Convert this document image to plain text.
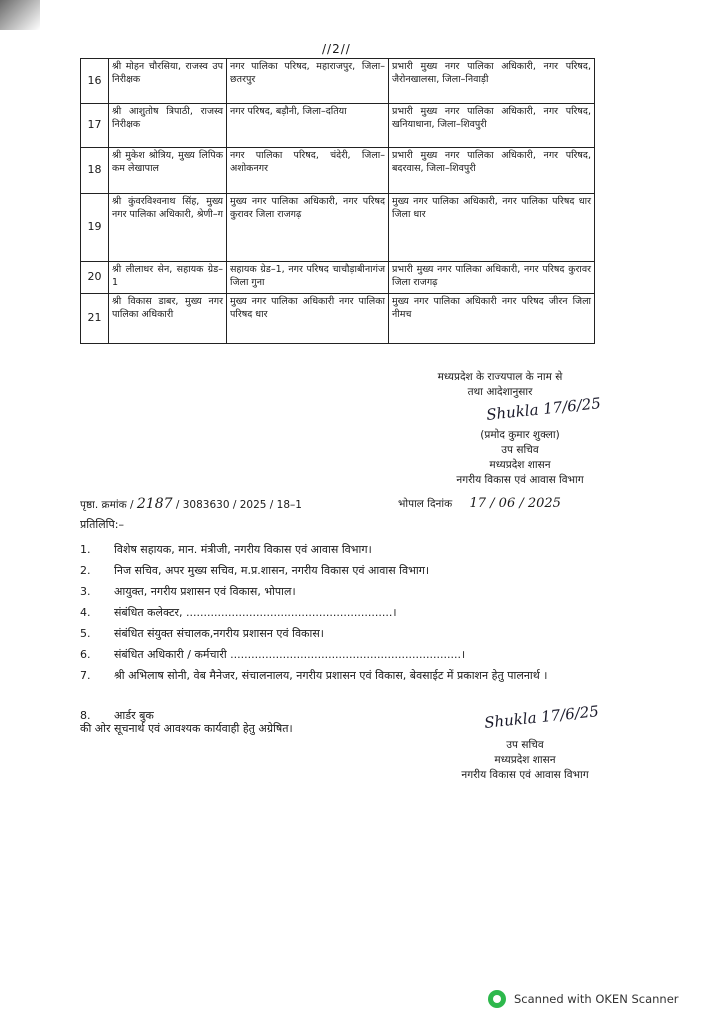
//2//
16	श्री मोहन चौरसिया, राजस्व उप निरीक्षक	नगर पालिका परिषद, महाराजपुर, जिला–छतरपुर	प्रभारी मुख्य नगर पालिका अधिकारी, नगर परिषद, जैरोनखालसा, जिला–निवाड़ी
17	श्री आशुतोष त्रिपाठी, राजस्व निरीक्षक	नगर परिषद, बड़ौनी, जिला–दतिया	प्रभारी मुख्य नगर पालिका अधिकारी, नगर परिषद, खनियाधाना, जिला–शिवपुरी
18	श्री मुकेश श्रोत्रिय, मुख्य लिपिक कम लेखापाल	नगर पालिका परिषद, चंदेरी, जिला–अशोकनगर	प्रभारी मुख्य नगर पालिका अधिकारी, नगर परिषद, बदरवास, जिला–शिवपुरी
19	श्री कुंवरविश्वनाथ सिंह, मुख्य नगर पालिका अधिकारी, श्रेणी–ग	मुख्य नगर पालिका अधिकारी, नगर परिषद कुरावर जिला राजगढ़	मुख्य नगर पालिका अधिकारी, नगर पालिका परिषद धार जिला धार
20	श्री लीलाधर सेन, सहायक ग्रेड–1	सहायक ग्रेड–1, नगर परिषद चाचौड़ाबीनागंज जिला गुना	प्रभारी मुख्य नगर पालिका अधिकारी, नगर परिषद कुरावर जिला राजगढ़
21	श्री विकास डाबर, मुख्य नगर पालिका अधिकारी	मुख्य नगर पालिका अधिकारी नगर पालिका परिषद धार	मुख्य नगर पालिका अधिकारी नगर परिषद जीरन जिला नीमच
मध्यप्रदेश के राज्यपाल के नाम से
तथा आदेशानुसार
Shukla 17/6/25
(प्रमोद कुमार शुक्ला)
उप सचिव
मध्यप्रदेश शासन
नगरीय विकास एवं आवास विभाग
पृष्ठा. क्रमांक / 2187 / 3083630 / 2025 / 18–1	भोपाल दिनांक 17 / 06 / 2025
प्रतिलिपि:–
1. विशेष सहायक, मान. मंत्रीजी, नगरीय विकास एवं आवास विभाग।
2. निज सचिव, अपर मुख्य सचिव, म.प्र.शासन, नगरीय विकास एवं आवास विभाग।
3. आयुक्त, नगरीय प्रशासन एवं विकास, भोपाल।
4. संबंधित कलेक्टर, ...........................................................।
5. संबंधित संयुक्त संचालक,नगरीय प्रशासन एवं विकास।
6. संबंधित अधिकारी / कर्मचारी ..................................................................।
7. श्री अभिलाष सोनी, वेब मैनेजर, संचालनालय, नगरीय प्रशासन एवं विकास, बेवसाईट में प्रकाशन हेतु पालनार्थ ।
8. आर्डर बुक
की ओर सूचनार्थ एवं आवश्यक कार्यवाही हेतु अग्रेषित।	Shukla 17/6/25
उप सचिव
मध्यप्रदेश शासन
नगरीय विकास एवं आवास विभाग
Scanned with OKEN Scanner
